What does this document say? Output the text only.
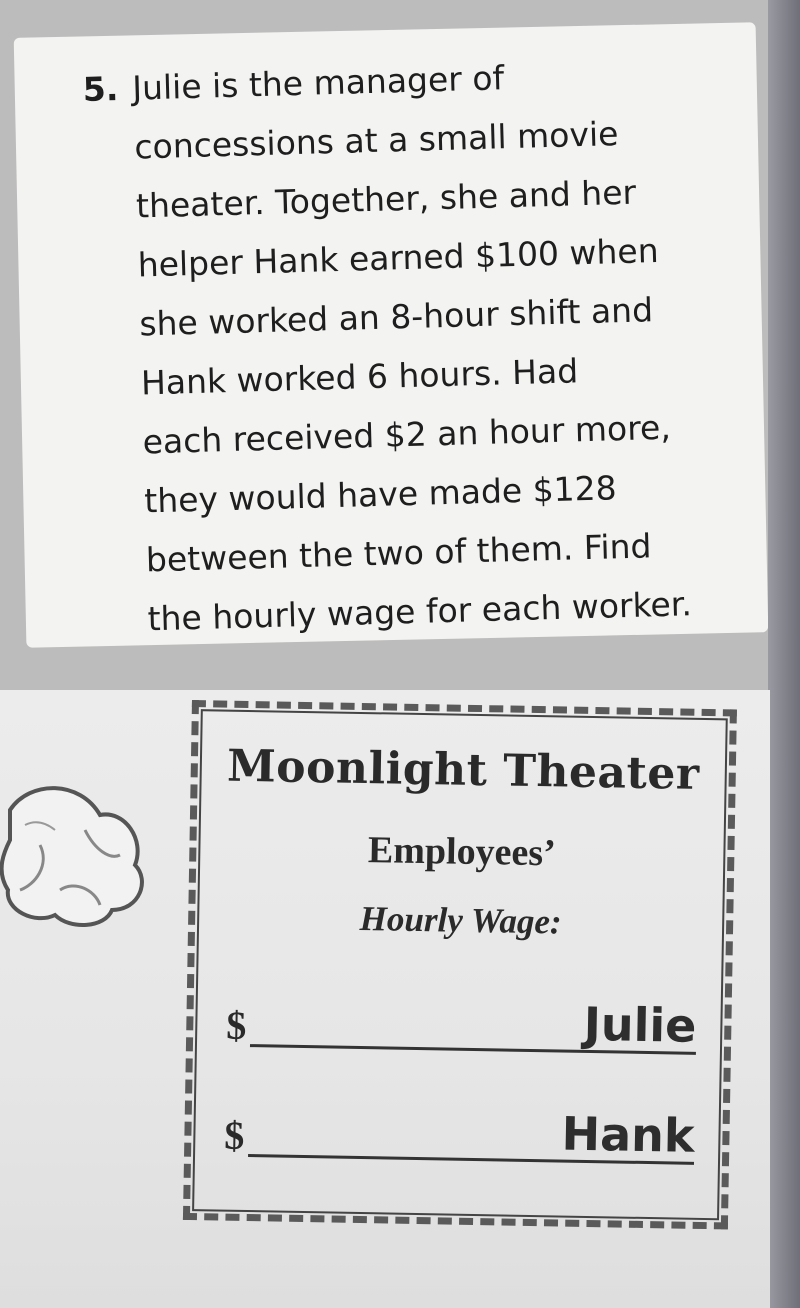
5. Julie is the manager of
concessions at a small movie
theater. Together, she and her
helper Hank earned $100 when
she worked an 8-hour shift and
Hank worked 6 hours. Had
each received $2 an hour more,
they would have made $128
between the two of them. Find
the hourly wage for each worker.
Moonlight Theater
Employees’
Hourly Wage:
$	Julie
$	Hank
